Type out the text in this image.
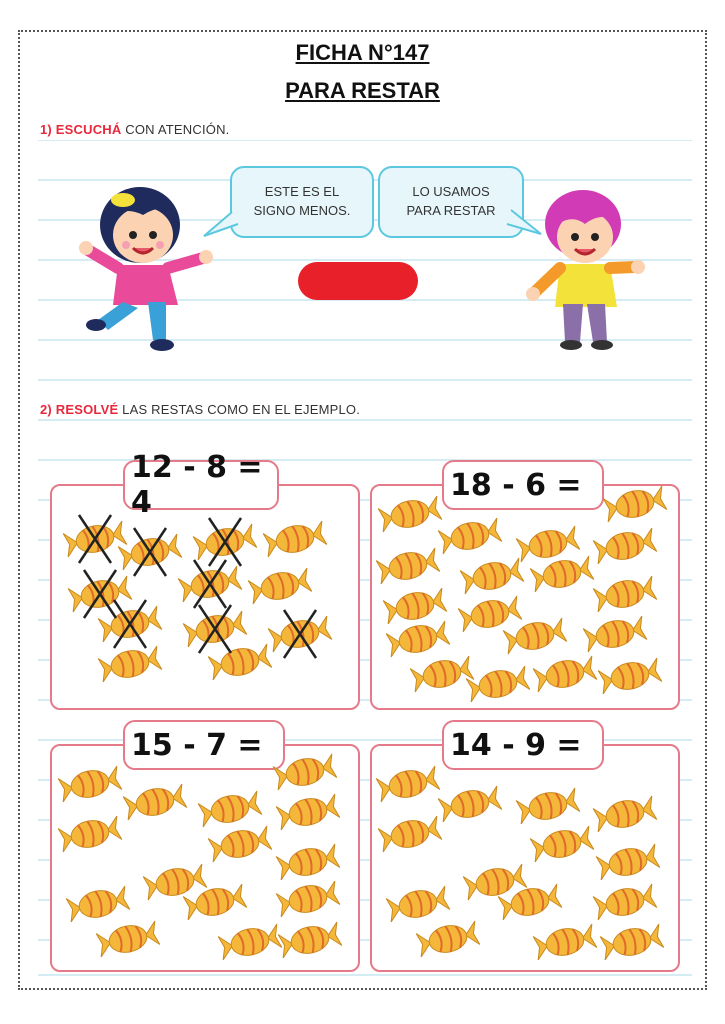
FICHA N°147
PARA RESTAR
1) ESCUCHÁ CON ATENCIÓN.
ESTE ES EL
SIGNO MENOS.
LO USAMOS
PARA RESTAR
2) RESOLVÉ LAS RESTAS COMO EN EL EJEMPLO.
12 - 8 = 4	18 - 6 =
15 - 7 =	14 - 9 =
